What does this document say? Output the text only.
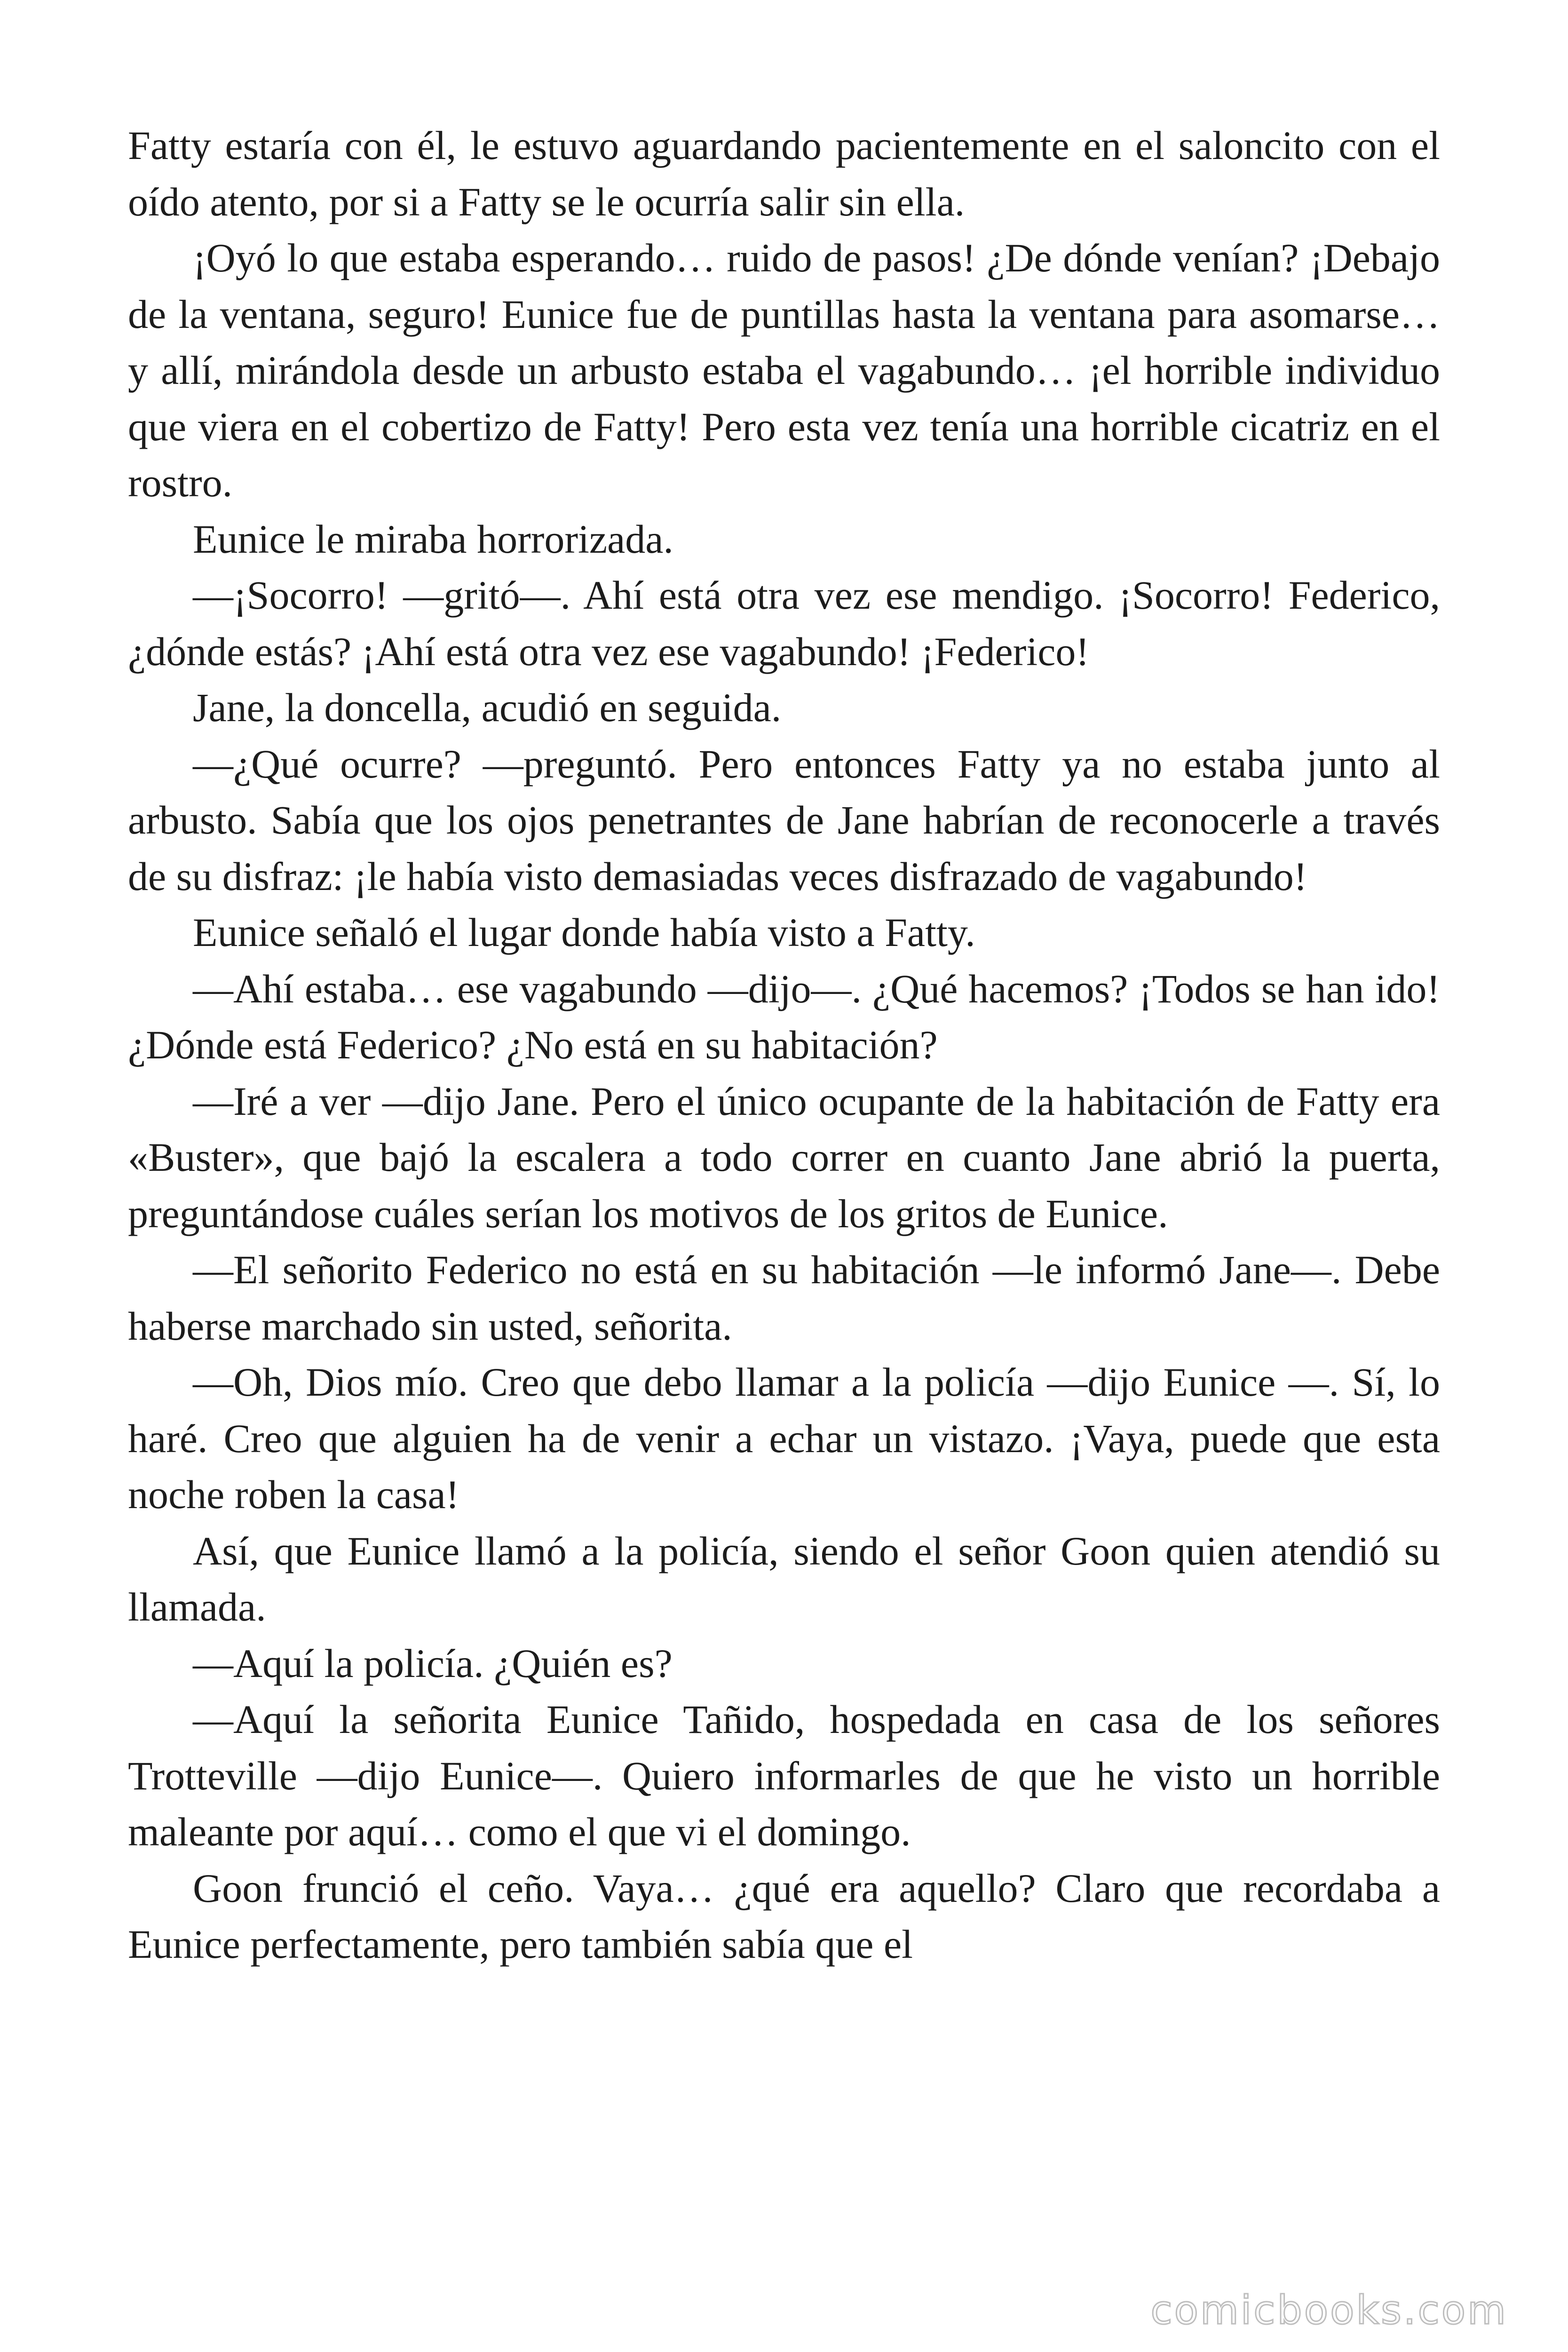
Fatty estaría con él, le estuvo aguardando pacientemente en el saloncito con el oído atento, por si a Fatty se le ocurría salir sin ella.

¡Oyó lo que estaba esperando… ruido de pasos! ¿De dónde venían? ¡Debajo de la ventana, seguro! Eunice fue de puntillas hasta la ventana para asomarse… y allí, mirándola desde un arbusto estaba el vagabundo… ¡el horrible individuo que viera en el cobertizo de Fatty! Pero esta vez tenía una horrible cicatriz en el rostro.

Eunice le miraba horrorizada.

—¡Socorro! —gritó—. Ahí está otra vez ese mendigo. ¡Socorro! Federico, ¿dónde estás? ¡Ahí está otra vez ese vagabundo! ¡Federico!

Jane, la doncella, acudió en seguida.

—¿Qué ocurre? —preguntó. Pero entonces Fatty ya no estaba junto al arbusto. Sabía que los ojos penetrantes de Jane habrían de reconocerle a través de su disfraz: ¡le había visto demasiadas veces disfrazado de vagabundo!

Eunice señaló el lugar donde había visto a Fatty.

—Ahí estaba… ese vagabundo —dijo—. ¿Qué hacemos? ¡Todos se han ido! ¿Dónde está Federico? ¿No está en su habitación?

—Iré a ver —dijo Jane. Pero el único ocupante de la habitación de Fatty era «Buster», que bajó la escalera a todo correr en cuanto Jane abrió la puerta, preguntándose cuáles serían los motivos de los gritos de Eunice.

—El señorito Federico no está en su habitación —le informó Jane—. Debe haberse marchado sin usted, señorita.

—Oh, Dios mío. Creo que debo llamar a la policía —dijo Eunice —. Sí, lo haré. Creo que alguien ha de venir a echar un vistazo. ¡Vaya, puede que esta noche roben la casa!

Así, que Eunice llamó a la policía, siendo el señor Goon quien atendió su llamada.

—Aquí la policía. ¿Quién es?

—Aquí la señorita Eunice Tañido, hospedada en casa de los señores Trotteville —dijo Eunice—. Quiero informarles de que he visto un horrible maleante por aquí… como el que vi el domingo.

Goon frunció el ceño. Vaya… ¿qué era aquello? Claro que recordaba a Eunice perfectamente, pero también sabía que el

comicbooks.com
